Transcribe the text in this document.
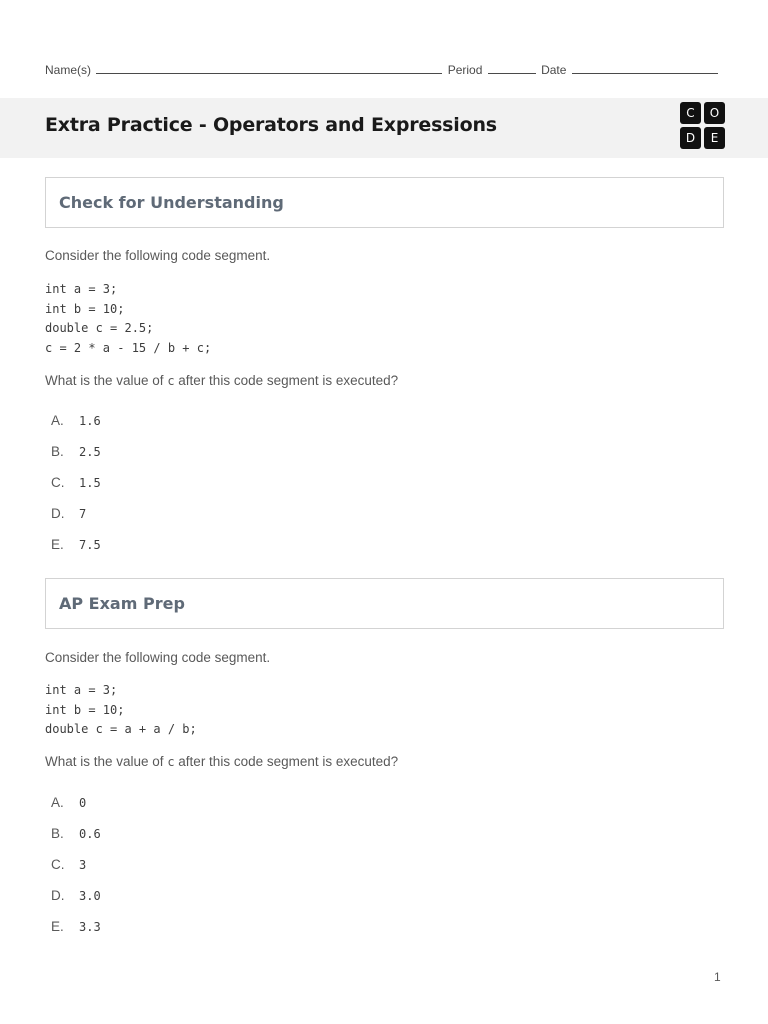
Name(s)	Period	Date
Extra Practice - Operators and Expressions
C	O
D	E
Check for Understanding
Consider the following code segment.
int a = 3;
int b = 10;
double c = 2.5;
c = 2 * a - 15 / b + c;
What is the value of c after this code segment is executed?
A. 1.6
B. 2.5
C. 1.5
D. 7
E. 7.5
AP Exam Prep
Consider the following code segment.
int a = 3;
int b = 10;
double c = a + a / b;
What is the value of c after this code segment is executed?
A. 0
B. 0.6
C. 3
D. 3.0
E. 3.3
1
